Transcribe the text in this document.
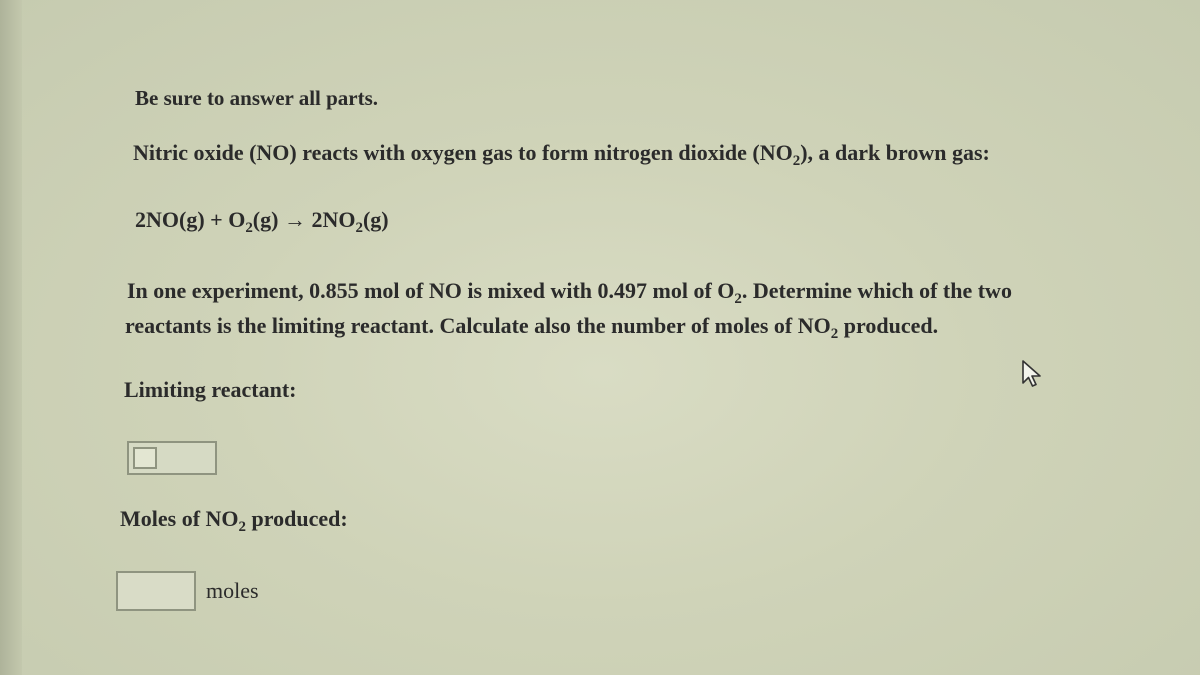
Be sure to answer all parts.
Nitric oxide (NO) reacts with oxygen gas to form nitrogen dioxide $(NO_2)$, a dark brown gas:
$2NO(g) + O_2(g) \to 2NO_2(g)$
In one experiment, 0.855 mol of NO is mixed with 0.497 mol of $O_2$. Determine which of the two
reactants is the limiting reactant. Calculate also the number of moles of $NO_2$ produced.
Limiting reactant:
Moles of $NO_2$ produced:
moles
